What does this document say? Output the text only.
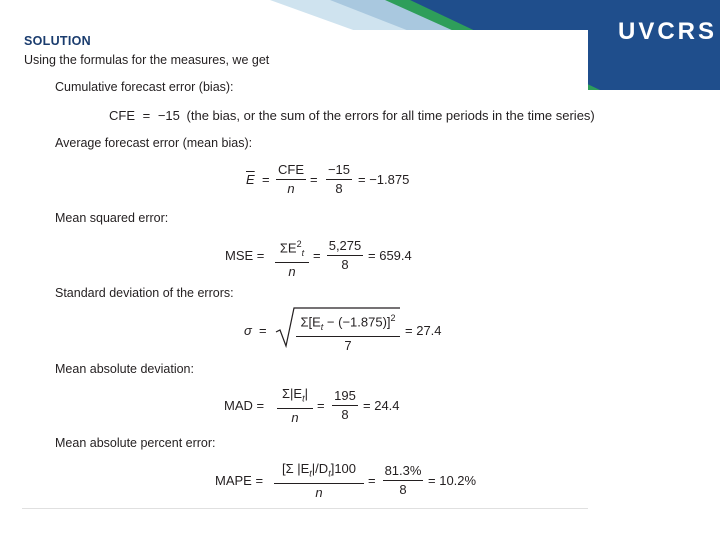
UVCRS
SOLUTION
Using the formulas for the measures, we get
Cumulative forecast error (bias):
CFE = −15 (the bias, or the sum of the errors for all time periods in the time series)
Average forecast error (mean bias):
$\overline{E}$ =
CFE
n
=
−15
8
= −1.875
Mean squared error:
MSE =
$\Sigma E^2_t$
n
=
5,275
8
= 659.4
Standard deviation of the errors:
σ =
$\Sigma[E_t - (-1.875)]^2$
7
= 27.4
Mean absolute deviation:
MAD =
$\Sigma|E_t|$
n
=
195
8
= 24.4
Mean absolute percent error:
MAPE =
[Σ $|E_t|/D_t]100$
n
=
81.3%
8
= 10.2%
